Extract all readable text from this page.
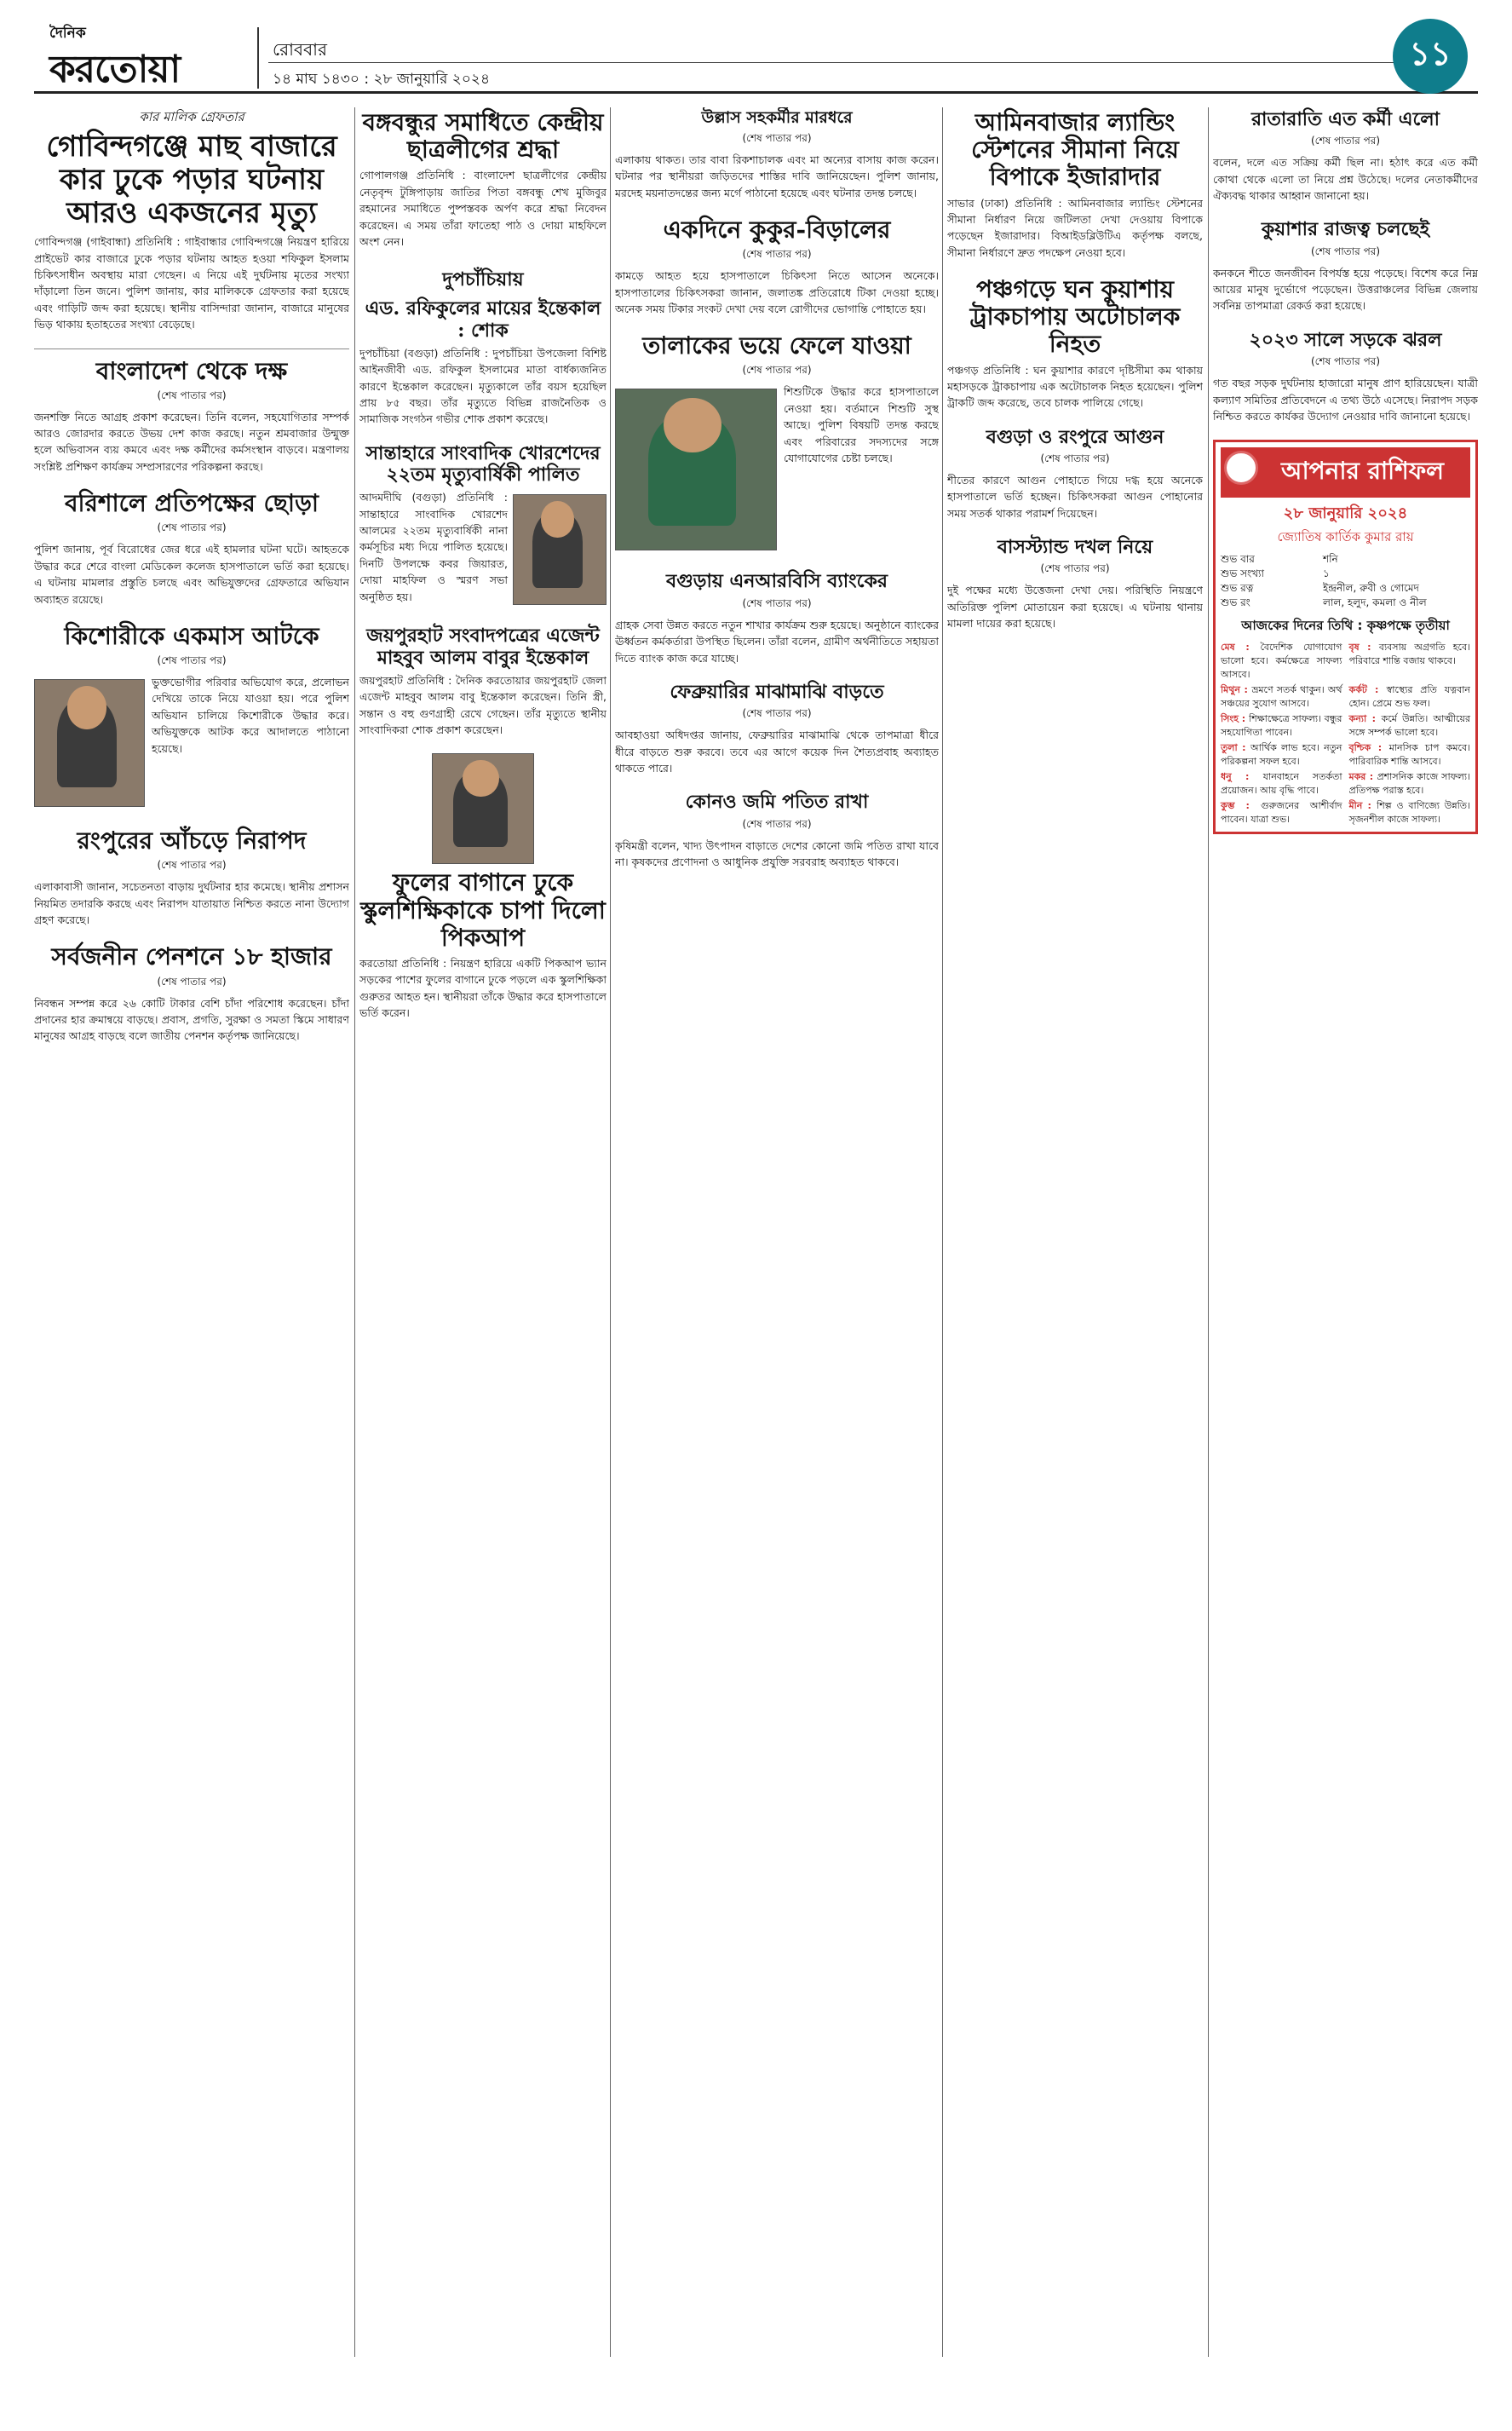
দৈনিক
করতোয়া	রোববার
১৪ মাঘ ১৪৩০ : ২৮ জানুয়ারি ২০২৪
১১
কার মালিক গ্রেফতার
গোবিন্দগঞ্জে মাছ বাজারে কার ঢুকে পড়ার ঘটনায় আরও একজনের মৃত্যু

গোবিন্দগঞ্জ (গাইবান্ধা) প্রতিনিধি : গাইবান্ধার গোবিন্দগঞ্জে নিয়ন্ত্রণ হারিয়ে প্রাইভেট কার বাজারে ঢুকে পড়ার ঘটনায় আহত হওয়া শফিকুল ইসলাম চিকিৎসাধীন অবস্থায় মারা গেছেন। এ নিয়ে এই দুর্ঘটনায় মৃতের সংখ্যা দাঁড়ালো তিন জনে। পুলিশ জানায়, কার মালিককে গ্রেফতার করা হয়েছে এবং গাড়িটি জব্দ করা হয়েছে। স্থানীয় বাসিন্দারা জানান, বাজারে মানুষের ভিড় থাকায় হতাহতের সংখ্যা বেড়েছে।

বাংলাদেশ থেকে দক্ষ
(শেষ পাতার পর)

জনশক্তি নিতে আগ্রহ প্রকাশ করেছেন। তিনি বলেন, সহযোগিতার সম্পর্ক আরও জোরদার করতে উভয় দেশ কাজ করছে। নতুন শ্রমবাজার উন্মুক্ত হলে অভিবাসন ব্যয় কমবে এবং দক্ষ কর্মীদের কর্মসংস্থান বাড়বে। মন্ত্রণালয় সংশ্লিষ্ট প্রশিক্ষণ কার্যক্রম সম্প্রসারণের পরিকল্পনা করছে।

বরিশালে প্রতিপক্ষের ছোড়া
(শেষ পাতার পর)

পুলিশ জানায়, পূর্ব বিরোধের জের ধরে এই হামলার ঘটনা ঘটে। আহতকে উদ্ধার করে শেরে বাংলা মেডিকেল কলেজ হাসপাতালে ভর্তি করা হয়েছে। এ ঘটনায় মামলার প্রস্তুতি চলছে এবং অভিযুক্তদের গ্রেফতারে অভিযান অব্যাহত রয়েছে।

কিশোরীকে একমাস আটকে
(শেষ পাতার পর)

ভুক্তভোগীর পরিবার অভিযোগ করে, প্রলোভন দেখিয়ে তাকে নিয়ে যাওয়া হয়। পরে পুলিশ অভিযান চালিয়ে কিশোরীকে উদ্ধার করে। অভিযুক্তকে আটক করে আদালতে পাঠানো হয়েছে।

রংপুরের আঁচড়ে নিরাপদ
(শেষ পাতার পর)

এলাকাবাসী জানান, সচেতনতা বাড়ায় দুর্ঘটনার হার কমেছে। স্থানীয় প্রশাসন নিয়মিত তদারকি করছে এবং নিরাপদ যাতায়াত নিশ্চিত করতে নানা উদ্যোগ গ্রহণ করেছে।

সর্বজনীন পেনশনে ১৮ হাজার
(শেষ পাতার পর)

নিবন্ধন সম্পন্ন করে ২৬ কোটি টাকার বেশি চাঁদা পরিশোধ করেছেন। চাঁদা প্রদানের হার ক্রমান্বয়ে বাড়ছে। প্রবাস, প্রগতি, সুরক্ষা ও সমতা স্কিমে সাধারণ মানুষের আগ্রহ বাড়ছে বলে জাতীয় পেনশন কর্তৃপক্ষ জানিয়েছে।

বঙ্গবন্ধুর সমাধিতে কেন্দ্রীয় ছাত্রলীগের শ্রদ্ধা

গোপালগঞ্জ প্রতিনিধি : বাংলাদেশ ছাত্রলীগের কেন্দ্রীয় নেতৃবৃন্দ টুঙ্গিপাড়ায় জাতির পিতা বঙ্গবন্ধু শেখ মুজিবুর রহমানের সমাধিতে পুষ্পস্তবক অর্পণ করে শ্রদ্ধা নিবেদন করেছেন। এ সময় তাঁরা ফাতেহা পাঠ ও দোয়া মাহফিলে অংশ নেন।

দুপচাঁচিয়ায়
এড. রফিকুলের মায়ের ইন্তেকাল : শোক

দুপচাঁচিয়া (বগুড়া) প্রতিনিধি : দুপচাঁচিয়া উপজেলা বিশিষ্ট আইনজীবী এড. রফিকুল ইসলামের মাতা বার্ধক্যজনিত কারণে ইন্তেকাল করেছেন। মৃত্যুকালে তাঁর বয়স হয়েছিল প্রায় ৮৫ বছর। তাঁর মৃত্যুতে বিভিন্ন রাজনৈতিক ও সামাজিক সংগঠন গভীর শোক প্রকাশ করেছে।

সান্তাহারে সাংবাদিক খোরশেদের ২২তম মৃত্যুবার্ষিকী পালিত

আদমদীঘি (বগুড়া) প্রতিনিধি : সান্তাহারে সাংবাদিক খোরশেদ আলমের ২২তম মৃত্যুবার্ষিকী নানা কর্মসূচির মধ্য দিয়ে পালিত হয়েছে। দিনটি উপলক্ষে কবর জিয়ারত, দোয়া মাহফিল ও স্মরণ সভা অনুষ্ঠিত হয়।

জয়পুরহাট সংবাদপত্রের এজেন্ট মাহবুব আলম বাবুর ইন্তেকাল

জয়পুরহাট প্রতিনিধি : দৈনিক করতোয়ার জয়পুরহাট জেলা এজেন্ট মাহবুব আলম বাবু ইন্তেকাল করেছেন। তিনি স্ত্রী, সন্তান ও বহু গুণগ্রাহী রেখে গেছেন। তাঁর মৃত্যুতে স্থানীয় সাংবাদিকরা শোক প্রকাশ করেছেন।

ফুলের বাগানে ঢুকে স্কুলশিক্ষিকাকে চাপা দিলো পিকআপ

করতোয়া প্রতিনিধি : নিয়ন্ত্রণ হারিয়ে একটি পিকআপ ভ্যান সড়কের পাশের ফুলের বাগানে ঢুকে পড়লে এক স্কুলশিক্ষিকা গুরুতর আহত হন। স্থানীয়রা তাঁকে উদ্ধার করে হাসপাতালে ভর্তি করেন।

উল্লাস সহকর্মীর মারধরে
(শেষ পাতার পর)

এলাকায় থাকত। তার বাবা রিকশাচালক এবং মা অন্যের বাসায় কাজ করেন। ঘটনার পর স্থানীয়রা জড়িতদের শাস্তির দাবি জানিয়েছেন। পুলিশ জানায়, মরদেহ ময়নাতদন্তের জন্য মর্গে পাঠানো হয়েছে এবং ঘটনার তদন্ত চলছে।

একদিনে কুকুর-বিড়ালের
(শেষ পাতার পর)

কামড়ে আহত হয়ে হাসপাতালে চিকিৎসা নিতে আসেন অনেকে। হাসপাতালের চিকিৎসকরা জানান, জলাতঙ্ক প্রতিরোধে টিকা দেওয়া হচ্ছে। অনেক সময় টিকার সংকট দেখা দেয় বলে রোগীদের ভোগান্তি পোহাতে হয়।

তালাকের ভয়ে ফেলে যাওয়া
(শেষ পাতার পর)

শিশুটিকে উদ্ধার করে হাসপাতালে নেওয়া হয়। বর্তমানে শিশুটি সুস্থ আছে। পুলিশ বিষয়টি তদন্ত করছে এবং পরিবারের সদস্যদের সঙ্গে যোগাযোগের চেষ্টা চলছে।

বগুড়ায় এনআরবিসি ব্যাংকের
(শেষ পাতার পর)

গ্রাহক সেবা উন্নত করতে নতুন শাখার কার্যক্রম শুরু হয়েছে। অনুষ্ঠানে ব্যাংকের ঊর্ধ্বতন কর্মকর্তারা উপস্থিত ছিলেন। তাঁরা বলেন, গ্রামীণ অর্থনীতিতে সহায়তা দিতে ব্যাংক কাজ করে যাচ্ছে।

ফেব্রুয়ারির মাঝামাঝি বাড়তে
(শেষ পাতার পর)

আবহাওয়া অধিদপ্তর জানায়, ফেব্রুয়ারির মাঝামাঝি থেকে তাপমাত্রা ধীরে ধীরে বাড়তে শুরু করবে। তবে এর আগে কয়েক দিন শৈত্যপ্রবাহ অব্যাহত থাকতে পারে।

কোনও জমি পতিত রাখা
(শেষ পাতার পর)

কৃষিমন্ত্রী বলেন, খাদ্য উৎপাদন বাড়াতে দেশের কোনো জমি পতিত রাখা যাবে না। কৃষকদের প্রণোদনা ও আধুনিক প্রযুক্তি সরবরাহ অব্যাহত থাকবে।

আমিনবাজার ল্যান্ডিং স্টেশনের সীমানা নিয়ে বিপাকে ইজারাদার

সাভার (ঢাকা) প্রতিনিধি : আমিনবাজার ল্যান্ডিং স্টেশনের সীমানা নির্ধারণ নিয়ে জটিলতা দেখা দেওয়ায় বিপাকে পড়েছেন ইজারাদার। বিআইডব্লিউটিএ কর্তৃপক্ষ বলছে, সীমানা নির্ধারণে দ্রুত পদক্ষেপ নেওয়া হবে।

পঞ্চগড়ে ঘন কুয়াশায় ট্রাকচাপায় অটোচালক নিহত

পঞ্চগড় প্রতিনিধি : ঘন কুয়াশার কারণে দৃষ্টিসীমা কম থাকায় মহাসড়কে ট্রাকচাপায় এক অটোচালক নিহত হয়েছেন। পুলিশ ট্রাকটি জব্দ করেছে, তবে চালক পালিয়ে গেছে।

বগুড়া ও রংপুরে আগুন
(শেষ পাতার পর)

শীতের কারণে আগুন পোহাতে গিয়ে দগ্ধ হয়ে অনেকে হাসপাতালে ভর্তি হচ্ছেন। চিকিৎসকরা আগুন পোহানোর সময় সতর্ক থাকার পরামর্শ দিয়েছেন।

বাসস্ট্যান্ড দখল নিয়ে
(শেষ পাতার পর)

দুই পক্ষের মধ্যে উত্তেজনা দেখা দেয়। পরিস্থিতি নিয়ন্ত্রণে অতিরিক্ত পুলিশ মোতায়েন করা হয়েছে। এ ঘটনায় থানায় মামলা দায়ের করা হয়েছে।

রাতারাতি এত কর্মী এলো
(শেষ পাতার পর)

বলেন, দলে এত সক্রিয় কর্মী ছিল না। হঠাৎ করে এত কর্মী কোথা থেকে এলো তা নিয়ে প্রশ্ন উঠেছে। দলের নেতাকর্মীদের ঐক্যবদ্ধ থাকার আহ্বান জানানো হয়।

কুয়াশার রাজত্ব চলছেই
(শেষ পাতার পর)

কনকনে শীতে জনজীবন বিপর্যস্ত হয়ে পড়েছে। বিশেষ করে নিম্ন আয়ের মানুষ দুর্ভোগে পড়েছেন। উত্তরাঞ্চলের বিভিন্ন জেলায় সর্বনিম্ন তাপমাত্রা রেকর্ড করা হয়েছে।

২০২৩ সালে সড়কে ঝরল
(শেষ পাতার পর)

গত বছর সড়ক দুর্ঘটনায় হাজারো মানুষ প্রাণ হারিয়েছেন। যাত্রী কল্যাণ সমিতির প্রতিবেদনে এ তথ্য উঠে এসেছে। নিরাপদ সড়ক নিশ্চিত করতে কার্যকর উদ্যোগ নেওয়ার দাবি জানানো হয়েছে।

আপনার রাশিফল
২৮ জানুয়ারি ২০২৪
জ্যোতিষ কার্তিক কুমার রায়
শুভ বার	শনি
শুভ সংখ্যা	১
শুভ রত্ন	ইন্দ্রনীল, রুবী ও গোমেদ
শুভ রং	লাল, হলুদ, কমলা ও নীল
আজকের দিনের তিথি : কৃষ্ণপক্ষে তৃতীয়া
মেষ : বৈদেশিক যোগাযোগ ভালো হবে। কর্মক্ষেত্রে সাফল্য আসবে।
বৃষ : ব্যবসায় অগ্রগতি হবে। পরিবারে শান্তি বজায় থাকবে।
মিথুন : ভ্রমণে সতর্ক থাকুন। অর্থ সঞ্চয়ের সুযোগ আসবে।
কর্কট : স্বাস্থ্যের প্রতি যত্নবান হোন। প্রেমে শুভ ফল।
সিংহ : শিক্ষাক্ষেত্রে সাফল্য। বন্ধুর সহযোগিতা পাবেন।
কন্যা : কর্মে উন্নতি। আত্মীয়ের সঙ্গে সম্পর্ক ভালো হবে।
তুলা : আর্থিক লাভ হবে। নতুন পরিকল্পনা সফল হবে।
বৃশ্চিক : মানসিক চাপ কমবে। পারিবারিক শান্তি আসবে।
ধনু : যানবাহনে সতর্কতা প্রয়োজন। আয় বৃদ্ধি পাবে।
মকর : প্রশাসনিক কাজে সাফল্য। প্রতিপক্ষ পরাস্ত হবে।
কুম্ভ : গুরুজনের আশীর্বাদ পাবেন। যাত্রা শুভ।
মীন : শিল্প ও বাণিজ্যে উন্নতি। সৃজনশীল কাজে সাফল্য।
